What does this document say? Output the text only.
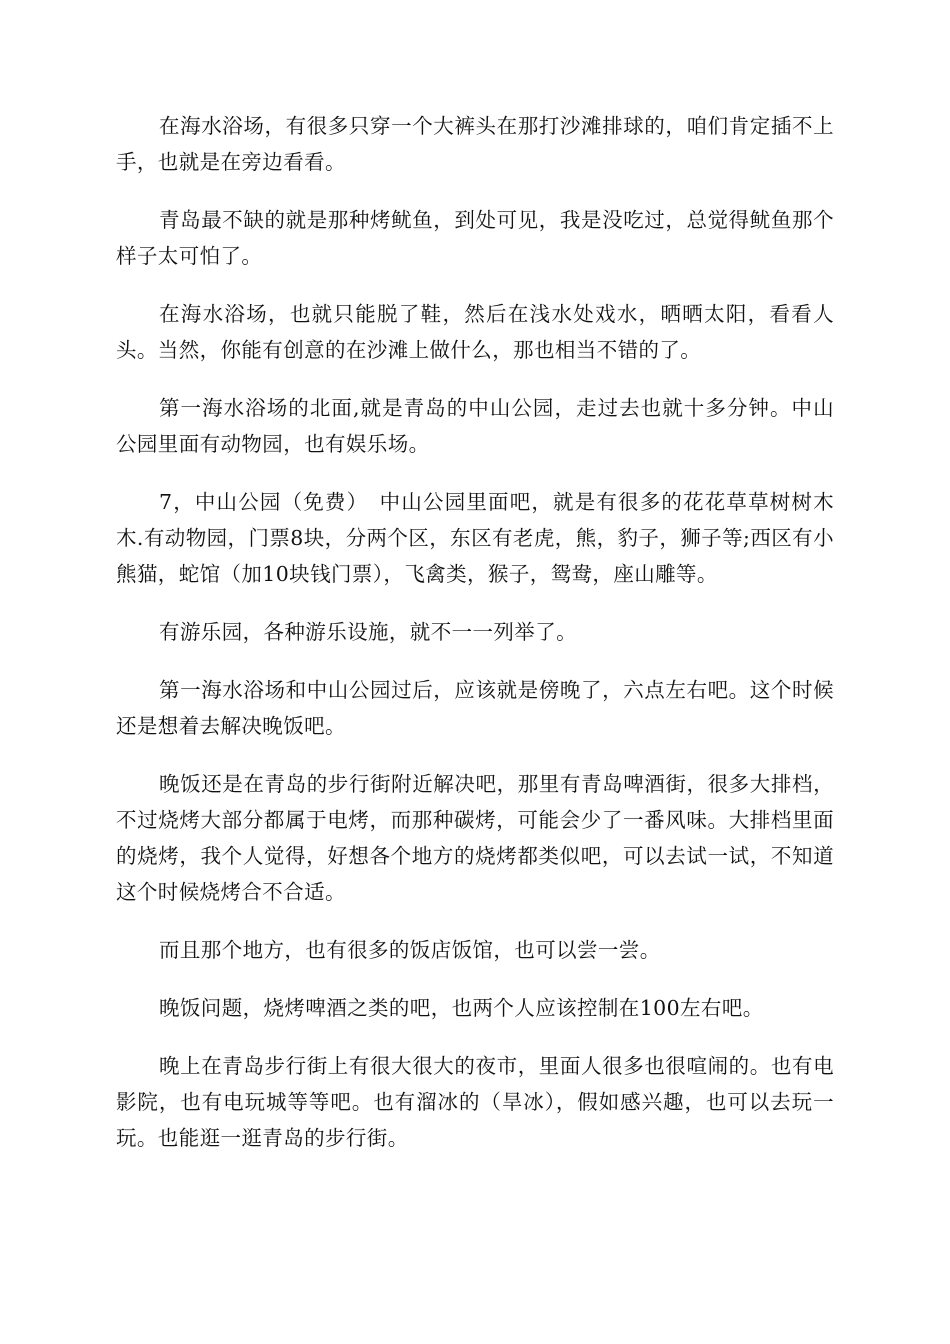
在海水浴场，有很多只穿一个大裤头在那打沙滩排球的，咱们肯定插不上手，也就是在旁边看看。

青岛最不缺的就是那种烤鱿鱼，到处可见，我是没吃过，总觉得鱿鱼那个样子太可怕了。

在海水浴场，也就只能脱了鞋，然后在浅水处戏水，晒晒太阳，看看人头。当然，你能有创意的在沙滩上做什么，那也相当不错的了。

第一海水浴场的北面,就是青岛的中山公园，走过去也就十多分钟。中山公园里面有动物园，也有娱乐场。

7，中山公园（免费）　中山公园里面吧，就是有很多的花花草草树树木木.有动物园，门票8块，分两个区，东区有老虎，熊，豹子，狮子等;西区有小熊猫，蛇馆（加10块钱门票），飞禽类，猴子，鸳鸯，座山雕等。

有游乐园，各种游乐设施，就不一一列举了。

第一海水浴场和中山公园过后，应该就是傍晚了，六点左右吧。这个时候还是想着去解决晚饭吧。

晚饭还是在青岛的步行街附近解决吧，那里有青岛啤酒街，很多大排档，不过烧烤大部分都属于电烤，而那种碳烤，可能会少了一番风味。大排档里面的烧烤，我个人觉得，好想各个地方的烧烤都类似吧，可以去试一试，不知道这个时候烧烤合不合适。

而且那个地方，也有很多的饭店饭馆，也可以尝一尝。

晚饭问题，烧烤啤酒之类的吧，也两个人应该控制在100左右吧。

晚上在青岛步行街上有很大很大的夜市，里面人很多也很喧闹的。也有电影院，也有电玩城等等吧。也有溜冰的（旱冰），假如感兴趣，也可以去玩一玩。也能逛一逛青岛的步行街。
